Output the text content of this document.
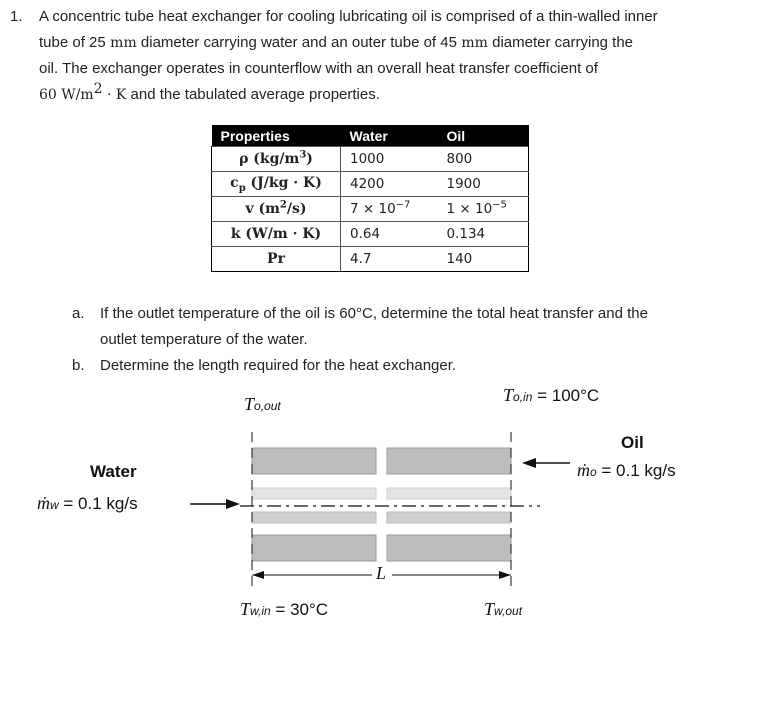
1. A concentric tube heat exchanger for cooling lubricating oil is comprised of a thin-walled inner
tube of 25 mm diameter carrying water and an outer tube of 45 mm diameter carrying the
oil. The exchanger operates in counterflow with an overall heat transfer coefficient of
60 $W/m^2 \cdot K$ and the tabulated average properties.
Properties	Water	Oil
ρ $(kg/m^3)$	1000	800
$c_p$ (J/kg · K)	4200	1900
v $(m^2/s)$	$7 \times 10^{-7}$	$1 \times 10^{-5}$
k (W/m · K)	0.64	0.134
Pr	4.7	140
a. If the outlet temperature of the oil is 60°C, determine the total heat transfer and the
outlet temperature of the water.
b. Determine the length required for the heat exchanger.
To,out
To,in = 100°C
Oil
ṁo = 0.1 kg/s
Water
ṁw = 0.1 kg/s
L
Tw,in = 30°C	Tw,out
